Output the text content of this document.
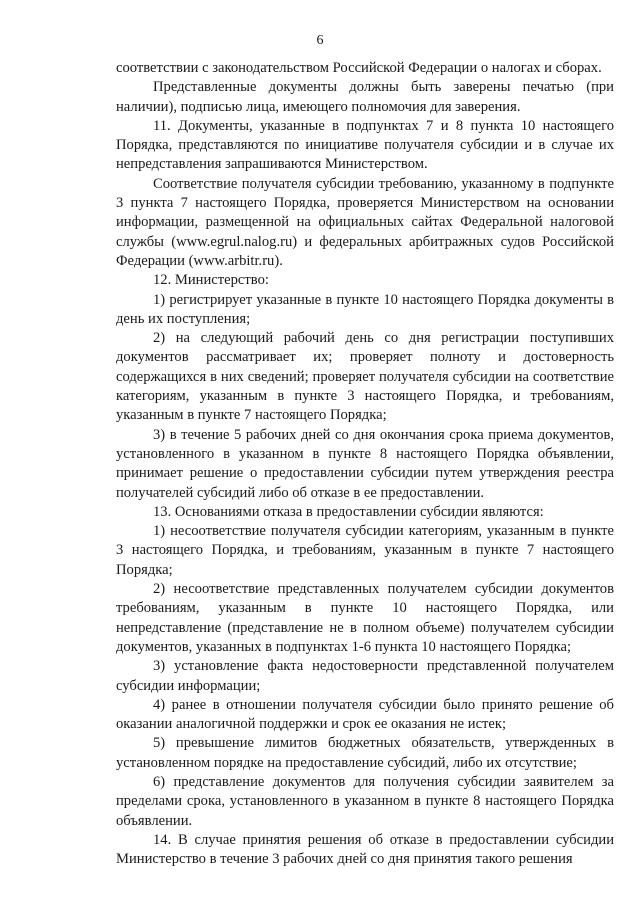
6

соответствии с законодательством Российской Федерации о налогах и сборах.

Представленные документы должны быть заверены печатью (при наличии), подписью лица, имеющего полномочия для заверения.

11. Документы, указанные в подпунктах 7 и 8 пункта 10 настоящего Порядка, представляются по инициативе получателя субсидии и в случае их непредставления запрашиваются Министерством.

Соответствие получателя субсидии требованию, указанному в подпункте 3 пункта 7 настоящего Порядка, проверяется Министерством на основании информации, размещенной на официальных сайтах Федеральной налоговой службы (www.egrul.nalog.ru) и федеральных арбитражных судов Российской Федерации (www.arbitr.ru).

12. Министерство:

1) регистрирует указанные в пункте 10 настоящего Порядка документы в день их поступления;

2) на следующий рабочий день со дня регистрации поступивших документов рассматривает их; проверяет полноту и достоверность содержащихся в них сведений; проверяет получателя субсидии на соответствие категориям, указанным в пункте 3 настоящего Порядка, и требованиям, указанным в пункте 7 настоящего Порядка;

3) в течение 5 рабочих дней со дня окончания срока приема документов, установленного в указанном в пункте 8 настоящего Порядка объявлении, принимает решение о предоставлении субсидии путем утверждения реестра получателей субсидий либо об отказе в ее предоставлении.

13. Основаниями отказа в предоставлении субсидии являются:

1) несоответствие получателя субсидии категориям, указанным в пункте 3 настоящего Порядка, и требованиям, указанным в пункте 7 настоящего Порядка;

2) несоответствие представленных получателем субсидии документов требованиям, указанным в пункте 10 настоящего Порядка, или непредставление (представление не в полном объеме) получателем субсидии документов, указанных в подпунктах 1-6 пункта 10 настоящего Порядка;

3) установление факта недостоверности представленной получателем субсидии информации;

4) ранее в отношении получателя субсидии было принято решение об оказании аналогичной поддержки и срок ее оказания не истек;

5) превышение лимитов бюджетных обязательств, утвержденных в установленном порядке на предоставление субсидий, либо их отсутствие;

6) представление документов для получения субсидии заявителем за пределами срока, установленного в указанном в пункте 8 настоящего Порядка объявлении.

14. В случае принятия решения об отказе в предоставлении субсидии Министерство в течение 3 рабочих дней со дня принятия такого решения
